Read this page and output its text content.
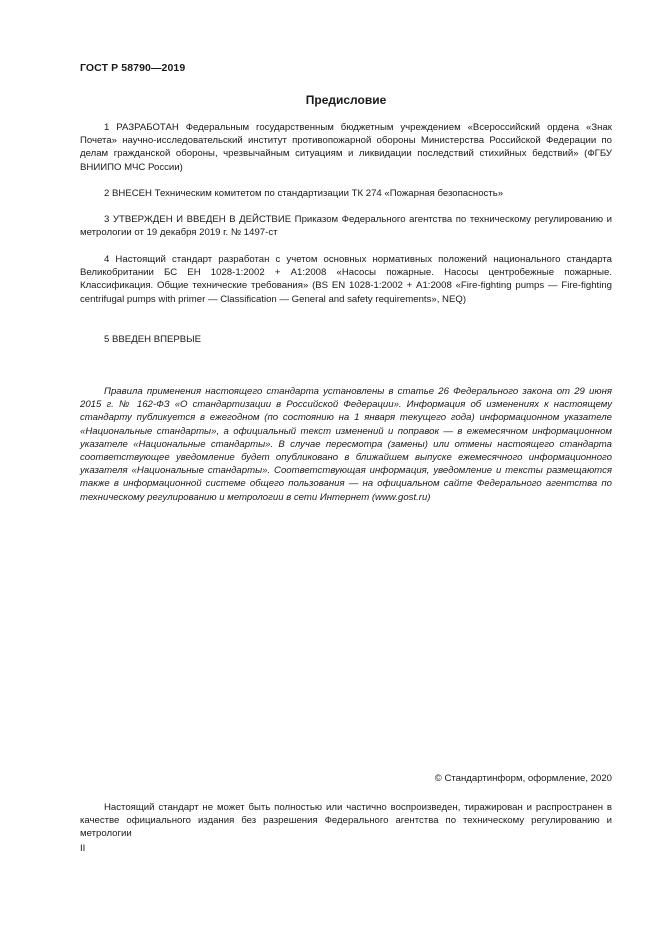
ГОСТ Р 58790—2019
Предисловие

1 РАЗРАБОТАН Федеральным государственным бюджетным учреждением «Всероссийский ордена «Знак Почета» научно-исследовательский институт противопожарной обороны Министерства Российской Федерации по делам гражданской обороны, чрезвычайным ситуациям и ликвидации последствий стихийных бедствий» (ФГБУ ВНИИПО МЧС России)

2 ВНЕСЕН Техническим комитетом по стандартизации ТК 274 «Пожарная безопасность»

3 УТВЕРЖДЕН И ВВЕДЕН В ДЕЙСТВИЕ Приказом Федерального агентства по техническому регулированию и метрологии от 19 декабря 2019 г. № 1497-ст

4 Настоящий стандарт разработан с учетом основных нормативных положений национального стандарта Великобритании БС ЕН 1028-1:2002 + А1:2008 «Насосы пожарные. Насосы центробежные пожарные. Классификация. Общие технические требования» (BS EN 1028-1:2002 + А1:2008 «Fire-fighting pumps — Fire-fighting centrifugal pumps with primer — Classification — General and safety requirements», NEQ)

5 ВВЕДЕН ВПЕРВЫЕ

Правила применения настоящего стандарта установлены в статье 26 Федерального закона от 29 июня 2015 г. № 162-ФЗ «О стандартизации в Российской Федерации». Информация об изменениях к настоящему стандарту публикуется в ежегодном (по состоянию на 1 января текущего года) информационном указателе «Национальные стандарты», а официальный текст изменений и поправок — в ежемесячном информационном указателе «Национальные стандарты». В случае пересмотра (замены) или отмены настоящего стандарта соответствующее уведомление будет опубликовано в ближайшем выпуске ежемесячного информационного указателя «Национальные стандарты». Соответствующая информация, уведомление и тексты размещаются также в информационной системе общего пользования — на официальном сайте Федерального агентства по техническому регулированию и метрологии в сети Интернет (www.gost.ru)

© Стандартинформ, оформление, 2020

Настоящий стандарт не может быть полностью или частично воспроизведен, тиражирован и распространен в качестве официального издания без разрешения Федерального агентства по техническому регулированию и метрологии

II
